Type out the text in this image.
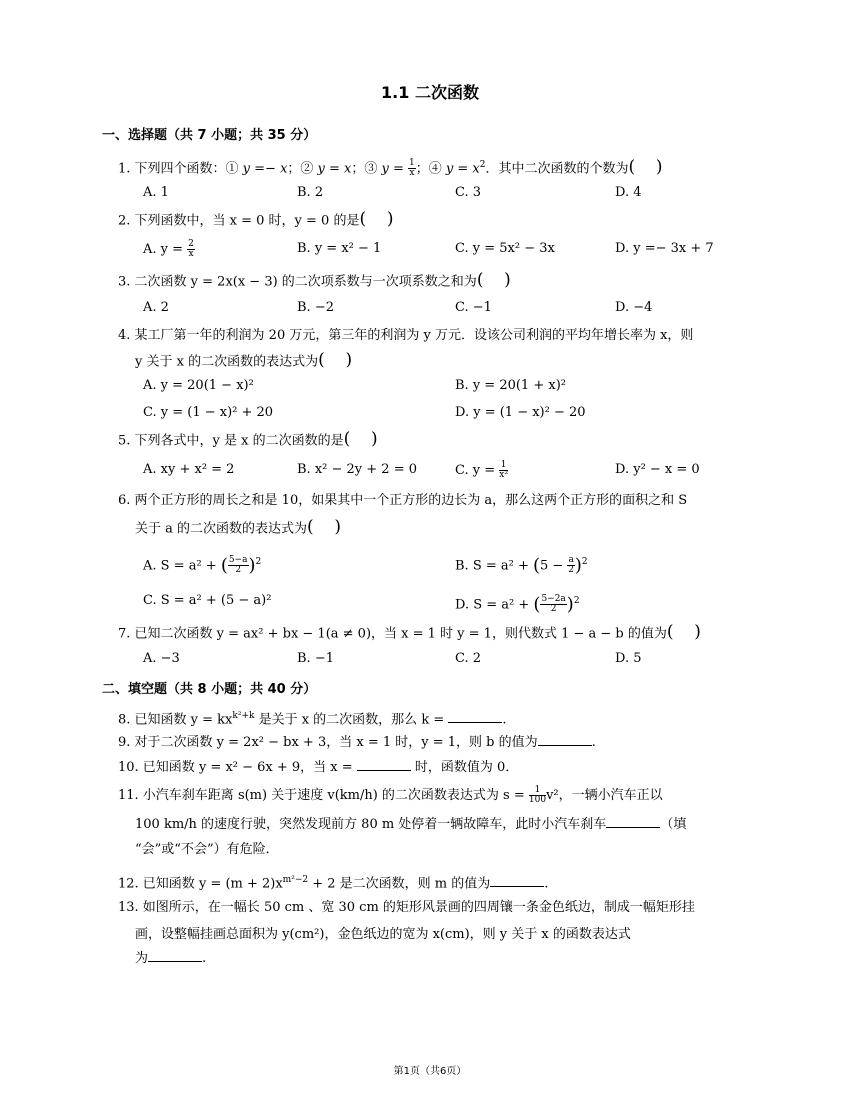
1.1 二次函数
一、选择题（共 7 小题；共 35 分）
1. 下列四个函数：① y =− x；② y = x；③ $y = \frac{1}{x}$ ；④ $y = x^2$．其中二次函数的个数为( )
A. 1	B. 2	C. 3	D. 4
2. 下列函数中，当 x = 0 时，y = 0 的是( )
A. $y = \frac{2}{x}$	B. y = x² − 1	C. y = 5x² − 3x	D. y =− 3x + 7
3. 二次函数 y = 2x(x − 3) 的二次项系数与一次项系数之和为( )
A. 2	B. −2	C. −1	D. −4
4. 某工厂第一年的利润为 20 万元，第三年的利润为 y 万元．设该公司利润的平均年增长率为 x，则
y 关于 x 的二次函数的表达式为( )
A. y = 20(1 − x)²	B. y = 20(1 + x)²
C. y = (1 − x)² + 20	D. y = (1 − x)² − 20
5. 下列各式中，y 是 x 的二次函数的是( )
A. xy + x² = 2	B. x² − 2y + 2 = 0	C. $y = \frac{1}{\text{x²}}$	D. y² − x = 0
6. 两个正方形的周长之和是 10，如果其中一个正方形的边长为 a，那么这两个正方形的面积之和 S
关于 a 的二次函数的表达式为( )
A. S = a² + ( $\frac{5-a}{2} )^2$	B. $S = a^2 + (5 - \frac{a}{2} )^2$
C. S = a² + (5 − a)²	D. S = a² + ( $\frac{5-2a}{2} )^2$
7. 已知二次函数 y = ax² + bx − 1(a ≠ 0)，当 x = 1 时 y = 1，则代数式 1 − a − b 的值为( )
A. −3	B. −1	C. 2	D. 5
二、填空题（共 8 小题；共 40 分）
8. 已知函数 $y = kx^{k^2+k}$ 是关于 x 的二次函数，那么 k =	.
9. 对于二次函数 y = 2x² − bx + 3，当 x = 1 时，y = 1，则 b 的值为	.
10. 已知函数 y = x² − 6x + 9，当 x =	时，函数值为 0．
11. 小汽车刹车距离 s(m) 关于速度 v(km/h) 的二次函数表达式为 $s = \frac{1}{100} v^2$，一辆小汽车正以
100 km/h 的速度行驶，突然发现前方 80 m 处停着一辆故障车，此时小汽车刹车	（填
“会”或“不会”）有危险．
12. 已知函数 $y = (m + 2)x^{m^2-2} + 2$ 是二次函数，则 m 的值为	.
13. 如图所示，在一幅长 50 cm 、宽 30 cm 的矩形风景画的四周镶一条金色纸边，制成一幅矩形挂
画，设整幅挂画总面积为 y(cm²)，金色纸边的宽为 x(cm)，则 y 关于 x 的函数表达式
为	.
第1页（共6页）
